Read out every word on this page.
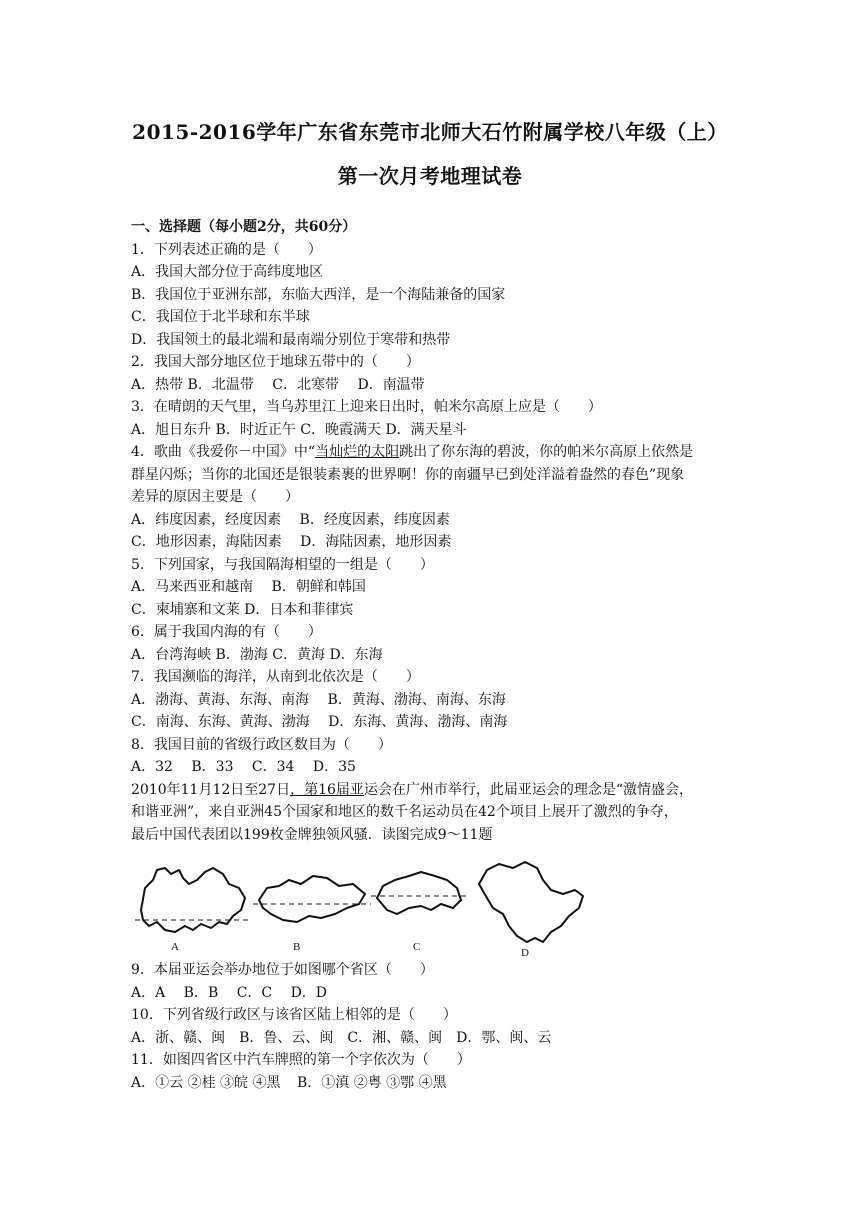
2015-2016学年广东省东莞市北师大石竹附属学校八年级（上）
第一次月考地理试卷
一、选择题（每小题2分，共60分）
1．下列表述正确的是（　　）
A．我国大部分位于高纬度地区
B．我国位于亚洲东部，东临大西洋，是一个海陆兼备的国家
C．我国位于北半球和东半球
D．我国领土的最北端和最南端分别位于寒带和热带
2．我国大部分地区位于地球五带中的（　　）
A．热带 B．北温带　 C．北寒带　 D．南温带
3．在晴朗的天气里，当乌苏里江上迎来日出时，帕米尔高原上应是（　　）
A．旭日东升 B．时近正午 C．晚霞满天 D．满天星斗
4．歌曲《我爱你－中国》中“当灿烂的太阳跳出了你东海的碧波，你的帕米尔高原上依然是
群星闪烁；当你的北国还是银装素裹的世界啊！你的南疆早已到处洋溢着盎然的春色”现象
差异的原因主要是（　　）
A．纬度因素，经度因素　 B．经度因素，纬度因素
C．地形因素，海陆因素　 D．海陆因素，地形因素
5．下列国家，与我国隔海相望的一组是（　　）
A．马来西亚和越南　 B．朝鲜和韩国
C．柬埔寨和文莱 D．日本和菲律宾
6．属于我国内海的有（　　）
A．台湾海峡 B．渤海 C．黄海 D．东海
7．我国濒临的海洋，从南到北依次是（　　）
A．渤海、黄海、东海、南海　 B．黄海、渤海、南海、东海
C．南海、东海、黄海、渤海　 D．东海、黄海、渤海、南海
8．我国目前的省级行政区数目为（　　）
A．32　 B．33　 C．34　 D．35
2010年11月12日至27日，第16届亚运会在广州市举行，此届亚运会的理念是“激情盛会，
和谐亚洲”，来自亚洲45个国家和地区的数千名运动员在42个项目上展开了激烈的争夺，
最后中国代表团以199枚金牌独领风骚．读图完成9～11题
A	B	C	D
9．本届亚运会举办地位于如图哪个省区（　　）
A．A　 B．B　 C．C　 D．D
10．下列省级行政区与该省区陆上相邻的是（　　）
A．浙、赣、闽　B．鲁、云、闽　C．湘、赣、闽　D．鄂、闽、云
11．如图四省区中汽车牌照的第一个字依次为（　　）
A．①云 ②桂 ③皖 ④黑 B．①滇 ②粤 ③鄂 ④黑
